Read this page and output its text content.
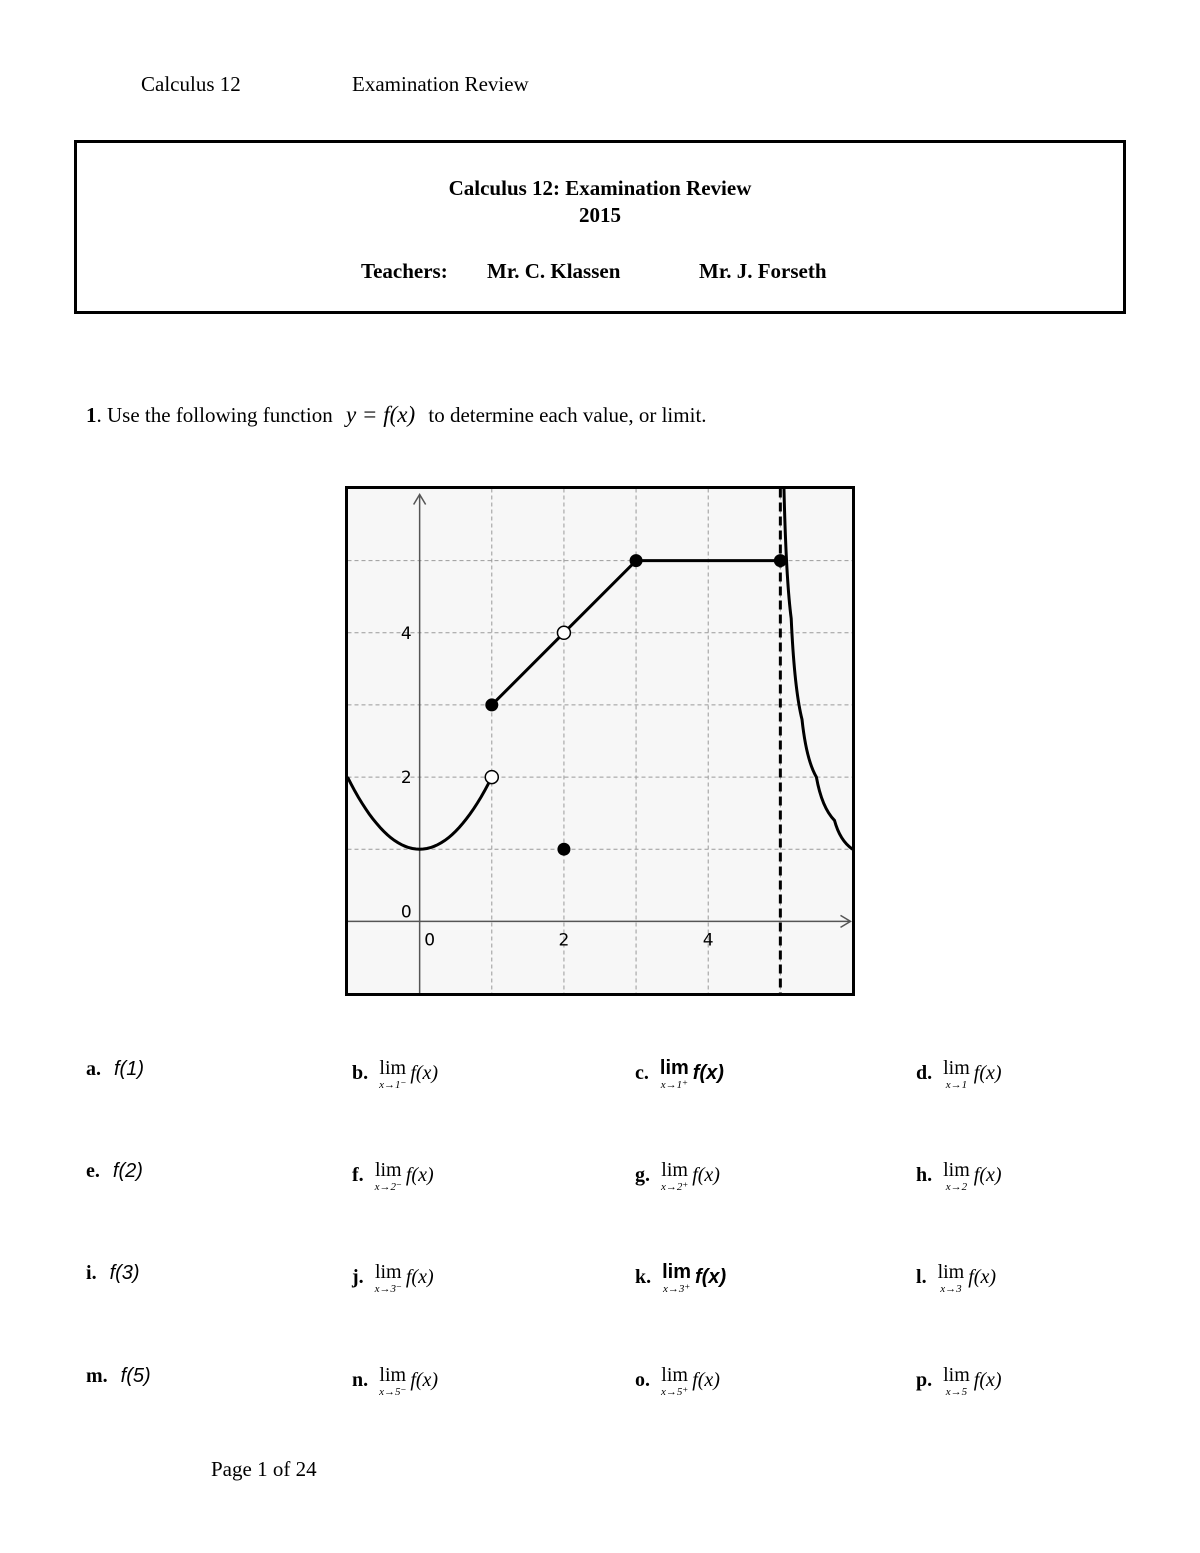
Calculus 12	Examination Review
Calculus 12: Examination Review
2015
Teachers: Mr. C. Klassen	Mr. J. Forseth
1. Use the following function y = f(x) to determine each value, or limit.
0	2	4
0
2
4
a. f(1)	b. lim
x→1⁻
f(x)	c. lim
x→1⁺
f(x)	d. lim
x→1
f(x)
e. f(2)	f. lim
x→2⁻
f(x)	g. lim
x→2⁺
f(x)	h. lim
x→2
f(x)
i. f(3)	j. lim
x→3⁻
f(x)	k. lim
x→3⁺
f(x)	l. lim
x→3
f(x)
m. f(5)	n. lim
x→5⁻
f(x)	o. lim
x→5⁺
f(x)	p. lim
x→5
f(x)
Page 1 of 24
